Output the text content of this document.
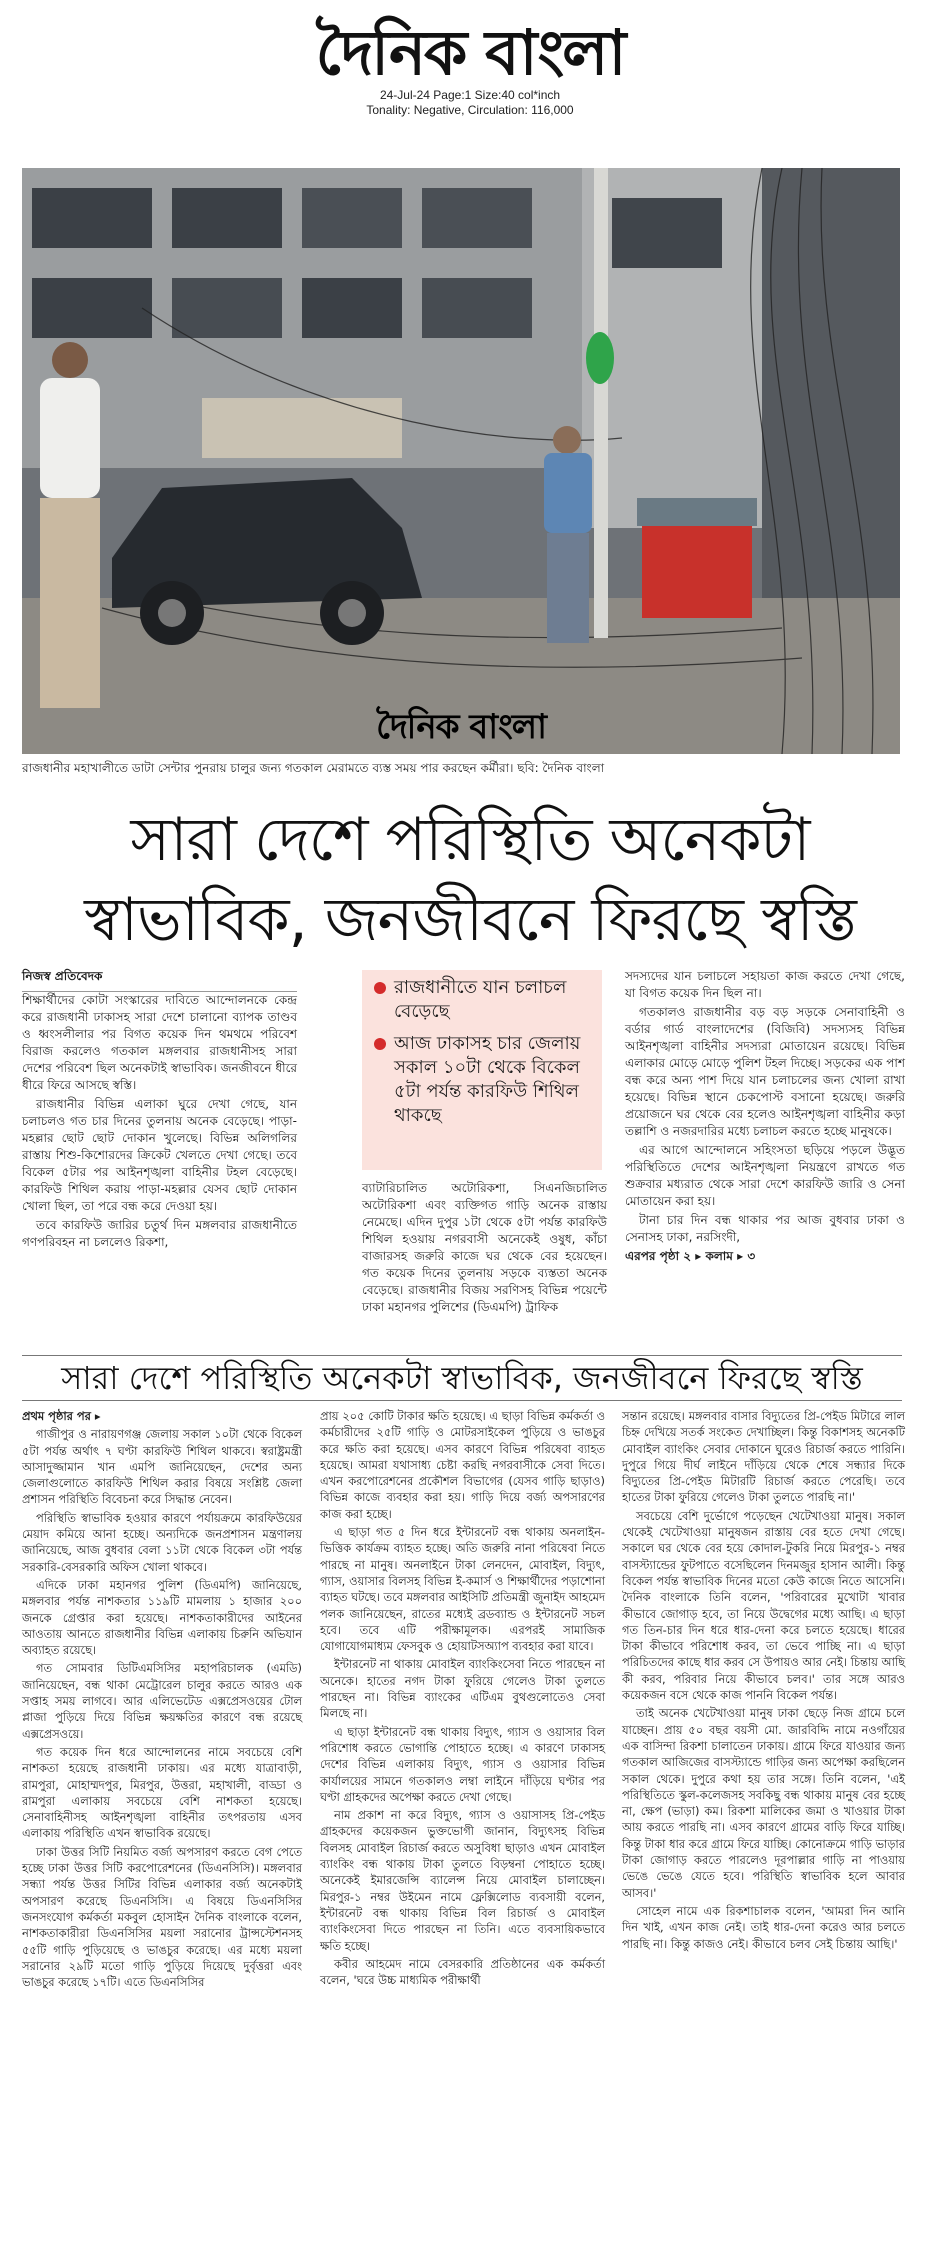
দৈনিক বাংলা
24-Jul-24 Page:1 Size:40 col*inch
Tonality: Negative, Circulation: 116,000
দৈনিক বাংলা
রাজধানীর মহাখালীতে ডাটা সেন্টার পুনরায় চালুর জন্য গতকাল মেরামতে ব্যস্ত সময় পার করছেন কর্মীরা। ছবি: দৈনিক বাংলা
সারা দেশে পরিস্থিতি অনেকটা
স্বাভাবিক, জনজীবনে ফিরছে স্বস্তি
নিজস্ব প্রতিবেদক

শিক্ষার্থীদের কোটা সংস্কারের দাবিতে আন্দোলনকে কেন্দ্র করে রাজধানী ঢাকাসহ সারা দেশে চালানো ব্যাপক তাণ্ডব ও ধ্বংসলীলার পর বিগত কয়েক দিন থমথমে পরিবেশ বিরাজ করলেও গতকাল মঙ্গলবার রাজধানীসহ সারা দেশের পরিবেশ ছিল অনেকটাই স্বাভাবিক। জনজীবনে ধীরে ধীরে ফিরে আসছে স্বস্তি।

রাজধানীর বিভিন্ন এলাকা ঘুরে দেখা গেছে, যান চলাচলও গত চার দিনের তুলনায় অনেক বেড়েছে। পাড়া-মহল্লার ছোট ছোট দোকান খুলেছে। বিভিন্ন অলিগলির রাস্তায় শিশু-কিশোরদের ক্রিকেট খেলতে দেখা গেছে। তবে বিকেল ৫টার পর আইনশৃঙ্খলা বাহিনীর টহল বেড়েছে। কারফিউ শিথিল করায় পাড়া-মহল্লার যেসব ছোট দোকান খোলা ছিল, তা পরে বন্ধ করে দেওয়া হয়।

তবে কারফিউ জারির চতুর্থ দিন মঙ্গলবার রাজধানীতে গণপরিবহন না চললেও রিকশা,

রাজধানীতে যান চলাচল বেড়েছে
আজ ঢাকাসহ চার জেলায় সকাল ১০টা থেকে বিকেল ৫টা পর্যন্ত কারফিউ শিথিল থাকছে

ব্যাটারিচালিত অটোরিকশা, সিএনজিচালিত অটোরিকশা এবং ব্যক্তিগত গাড়ি অনেক রাস্তায় নেমেছে। এদিন দুপুর ১টা থেকে ৫টা পর্যন্ত কারফিউ শিথিল হওয়ায় নগরবাসী অনেকেই ওষুধ, কাঁচা বাজারসহ জরুরি কাজে ঘর থেকে বের হয়েছেন। গত কয়েক দিনের তুলনায় সড়কে ব্যস্ততা অনেক বেড়েছে। রাজধানীর বিজয় সরণিসহ বিভিন্ন পয়েন্টে ঢাকা মহানগর পুলিশের (ডিএমপি) ট্রাফিক

সদস্যদের যান চলাচলে সহায়তা কাজ করতে দেখা গেছে, যা বিগত কয়েক দিন ছিল না।

গতকালও রাজধানীর বড় বড় সড়কে সেনাবাহিনী ও বর্ডার গার্ড বাংলাদেশের (বিজিবি) সদস্যসহ বিভিন্ন আইনশৃঙ্খলা বাহিনীর সদস্যরা মোতায়েন রয়েছে। বিভিন্ন এলাকার মোড়ে মোড়ে পুলিশ টহল দিচ্ছে। সড়কের এক পাশ বন্ধ করে অন্য পাশ দিয়ে যান চলাচলের জন্য খোলা রাখা হয়েছে। বিভিন্ন স্থানে চেকপোস্ট বসানো হয়েছে। জরুরি প্রয়োজনে ঘর থেকে বের হলেও আইনশৃঙ্খলা বাহিনীর কড়া তল্লাশি ও নজরদারির মধ্যে চলাচল করতে হচ্ছে মানুষকে।

এর আগে আন্দোলনে সহিংসতা ছড়িয়ে পড়লে উদ্ভূত পরিস্থিতিতে দেশের আইনশৃঙ্খলা নিয়ন্ত্রণে রাখতে গত শুক্রবার মধ্যরাত থেকে সারা দেশে কারফিউ জারি ও সেনা মোতায়েন করা হয়।

টানা চার দিন বন্ধ থাকার পর আজ বুধবার ঢাকা ও সেনাসহ ঢাকা, নরসিংদী,

এরপর পৃষ্ঠা ২ ▸ কলাম ▸ ৩

সারা দেশে পরিস্থিতি অনেকটা স্বাভাবিক, জনজীবনে ফিরছে স্বস্তি

প্রথম পৃষ্ঠার পর ▸

গাজীপুর ও নারায়ণগঞ্জ জেলায় সকাল ১০টা থেকে বিকেল ৫টা পর্যন্ত অর্থাৎ ৭ ঘণ্টা কারফিউ শিথিল থাকবে। স্বরাষ্ট্রমন্ত্রী আসাদুজ্জামান খান এমপি জানিয়েছেন, দেশের অন্য জেলাগুলোতে কারফিউ শিথিল করার বিষয়ে সংশ্লিষ্ট জেলা প্রশাসন পরিস্থিতি বিবেচনা করে সিদ্ধান্ত নেবেন।

পরিস্থিতি স্বাভাবিক হওয়ার কারণে পর্যায়ক্রমে কারফিউয়ের মেয়াদ কমিয়ে আনা হচ্ছে। অন্যদিকে জনপ্রশাসন মন্ত্রণালয় জানিয়েছে, আজ বুধবার বেলা ১১টা থেকে বিকেল ৩টা পর্যন্ত সরকারি-বেসরকারি অফিস খোলা থাকবে।

এদিকে ঢাকা মহানগর পুলিশ (ডিএমপি) জানিয়েছে, মঙ্গলবার পর্যন্ত নাশকতার ১১৯টি মামলায় ১ হাজার ২০০ জনকে গ্রেপ্তার করা হয়েছে। নাশকতাকারীদের আইনের আওতায় আনতে রাজধানীর বিভিন্ন এলাকায় চিরুনি অভিযান অব্যাহত রয়েছে।

গত সোমবার ডিটিএমসিসির মহাপরিচালক (এমডি) জানিয়েছেন, বন্ধ থাকা মেট্রোরেল চালুর করতে আরও এক সপ্তাহ সময় লাগবে। আর এলিভেটেড এক্সপ্রেসওয়ের টোল প্লাজা পুড়িয়ে দিয়ে বিভিন্ন ক্ষয়ক্ষতির কারণে বন্ধ রয়েছে এক্সপ্রেসওয়ে।

গত কয়েক দিন ধরে আন্দোলনের নামে সবচেয়ে বেশি নাশকতা হয়েছে রাজধানী ঢাকায়। এর মধ্যে যাত্রাবাড়ী, রামপুরা, মোহাম্মদপুর, মিরপুর, উত্তরা, মহাখালী, বাড্ডা ও রামপুরা এলাকায় সবচেয়ে বেশি নাশকতা হয়েছে। সেনাবাহিনীসহ আইনশৃঙ্খলা বাহিনীর তৎপরতায় এসব এলাকায় পরিস্থিতি এখন স্বাভাবিক রয়েছে।

ঢাকা উত্তর সিটি নিয়মিত বর্জ্য অপসারণ করতে বেগ পেতে হচ্ছে ঢাকা উত্তর সিটি করপোরেশনের (ডিএনসিসি)। মঙ্গলবার সন্ধ্যা পর্যন্ত উত্তর সিটির বিভিন্ন এলাকার বর্জ্য অনেকটাই অপসারণ করেছে ডিএনসিসি। এ বিষয়ে ডিএনসিসির জনসংযোগ কর্মকর্তা মকবুল হোসাইন দৈনিক বাংলাকে বলেন, নাশকতাকারীরা ডিএনসিসির ময়লা সরানোর ট্রান্সস্টেশনসহ ৫৫টি গাড়ি পুড়িয়েছে ও ভাঙচুর করেছে। এর মধ্যে ময়লা সরানোর ২৯টি মতো গাড়ি পুড়িয়ে দিয়েছে দুর্বৃত্তরা এবং ভাঙচুর করেছে ১৭টি। এতে ডিএনসিসির

প্রায় ২০৫ কোটি টাকার ক্ষতি হয়েছে। এ ছাড়া বিভিন্ন কর্মকর্তা ও কর্মচারীদের ২৫টি গাড়ি ও মোটরসাইকেল পুড়িয়ে ও ভাঙচুর করে ক্ষতি করা হয়েছে। এসব কারণে বিভিন্ন পরিষেবা ব্যাহত হয়েছে। আমরা যথাসাধ্য চেষ্টা করছি নগরবাসীকে সেবা দিতে। এখন করপোরেশনের প্রকৌশল বিভাগের (যেসব গাড়ি ছাড়াও) বিভিন্ন কাজে ব্যবহার করা হয়। গাড়ি দিয়ে বর্জ্য অপসারণের কাজ করা হচ্ছে।

এ ছাড়া গত ৫ দিন ধরে ইন্টারনেট বন্ধ থাকায় অনলাইন-ভিত্তিক কার্যক্রম ব্যাহত হচ্ছে। অতি জরুরি নানা পরিষেবা নিতে পারছে না মানুষ। অনলাইনে টাকা লেনদেন, মোবাইল, বিদ্যুৎ, গ্যাস, ওয়াসার বিলসহ বিভিন্ন ই-কমার্স ও শিক্ষার্থীদের পড়াশোনা ব্যাহত ঘটছে। তবে মঙ্গলবার আইসিটি প্রতিমন্ত্রী জুনাইদ আহমেদ পলক জানিয়েছেন, রাতের মধ্যেই ব্রডব্যান্ড ও ইন্টারনেট সচল হবে। তবে এটি পরীক্ষামূলক। এরপরই সামাজিক যোগাযোগমাধ্যম ফেসবুক ও হোয়াটসঅ্যাপ ব্যবহার করা যাবে।

ইন্টারনেট না থাকায় মোবাইল ব্যাংকিংসেবা নিতে পারছেন না অনেকে। হাতের নগদ টাকা ফুরিয়ে গেলেও টাকা তুলতে পারছেন না। বিভিন্ন ব্যাংকের এটিএম বুথগুলোতেও সেবা মিলছে না।

এ ছাড়া ইন্টারনেট বন্ধ থাকায় বিদ্যুৎ, গ্যাস ও ওয়াসার বিল পরিশোধ করতে ভোগান্তি পোহাতে হচ্ছে। এ কারণে ঢাকাসহ দেশের বিভিন্ন এলাকায় বিদ্যুৎ, গ্যাস ও ওয়াসার বিভিন্ন কার্যালয়ের সামনে গতকালও লম্বা লাইনে দাঁড়িয়ে ঘণ্টার পর ঘণ্টা গ্রাহকদের অপেক্ষা করতে দেখা গেছে।

নাম প্রকাশ না করে বিদ্যুৎ, গ্যাস ও ওয়াসাসহ প্রি-পেইড গ্রাহকদের কয়েকজন ভুক্তভোগী জানান, বিদ্যুৎসহ বিভিন্ন বিলসহ মোবাইল রিচার্জ করতে অসুবিধা ছাড়াও এখন মোবাইল ব্যাংকিং বন্ধ থাকায় টাকা তুলতে বিড়ম্বনা পোহাতে হচ্ছে। অনেকেই ইমারজেন্সি ব্যালেন্স নিয়ে মোবাইল চালাচ্ছেন। মিরপুর-১ নম্বর উইমেন নামে ফ্লেক্সিলোড ব্যবসায়ী বলেন, ইন্টারনেট বন্ধ থাকায় বিভিন্ন বিল রিচার্জ ও মোবাইল ব্যাংকিংসেবা দিতে পারছেন না তিনি। এতে ব্যবসায়িকভাবে ক্ষতি হচ্ছে।

কবীর আহমেদ নামে বেসরকারি প্রতিষ্ঠানের এক কর্মকর্তা বলেন, 'ঘরে উচ্চ মাধ্যমিক পরীক্ষার্থী

সন্তান রয়েছে। মঙ্গলবার বাসার বিদ্যুতের প্রি-পেইড মিটারে লাল চিহ্ন দেখিয়ে সতর্ক সংকেত দেখাচ্ছিল। কিন্তু বিকাশসহ অনেকটি মোবাইল ব্যাংকিং সেবার দোকানে ঘুরেও রিচার্জ করতে পারিনি। দুপুরে গিয়ে দীর্ঘ লাইনে দাঁড়িয়ে থেকে শেষে সন্ধ্যার দিকে বিদ্যুতের প্রি-পেইড মিটারটি রিচার্জ করতে পেরেছি। তবে হাতের টাকা ফুরিয়ে গেলেও টাকা তুলতে পারছি না।'

সবচেয়ে বেশি দুর্ভোগে পড়েছেন খেটেখাওয়া মানুষ। সকাল থেকেই খেটেখাওয়া মানুষজন রাস্তায় বের হতে দেখা গেছে। সকালে ঘর থেকে বের হয়ে কোদাল-টুকরি নিয়ে মিরপুর-১ নম্বর বাসস্ট্যান্ডের ফুটপাতে বসেছিলেন দিনমজুর হাসান আলী। কিন্তু বিকেল পর্যন্ত স্বাভাবিক দিনের মতো কেউ কাজে নিতে আসেনি। দৈনিক বাংলাকে তিনি বলেন, 'পরিবারের মুখোটা খাবার কীভাবে জোগাড় হবে, তা নিয়ে উদ্বেগের মধ্যে আছি। এ ছাড়া গত তিন-চার দিন ধরে ধার-দেনা করে চলতে হয়েছে। ধারের টাকা কীভাবে পরিশোধ করব, তা ভেবে পাচ্ছি না। এ ছাড়া পরিচিতদের কাছে ধার করব সে উপায়ও আর নেই। চিন্তায় আছি কী করব, পরিবার নিয়ে কীভাবে চলব।' তার সঙ্গে আরও কয়েকজন বসে থেকে কাজ পাননি বিকেল পর্যন্ত।

তাই অনেক খেটেখাওয়া মানুষ ঢাকা ছেড়ে নিজ গ্রামে চলে যাচ্ছেন। প্রায় ৫০ বছর বয়সী মো. জারবিদ্দি নামে নওগাঁয়ের এক বাসিন্দা রিকশা চালাতেন ঢাকায়। গ্রামে ফিরে যাওয়ার জন্য গতকাল আজিজের বাসস্ট্যান্ডে গাড়ির জন্য অপেক্ষা করছিলেন সকাল থেকে। দুপুরে কথা হয় তার সঙ্গে। তিনি বলেন, 'এই পরিস্থিতিতে স্কুল-কলেজসহ সবকিছু বন্ধ থাকায় মানুষ বের হচ্ছে না, ক্ষেপ (ভাড়া) কম। রিকশা মালিকের জমা ও খাওয়ার টাকা আয় করতে পারছি না। এসব কারণে গ্রামের বাড়ি ফিরে যাচ্ছি। কিন্তু টাকা ধার করে গ্রামে ফিরে যাচ্ছি। কোনোক্রমে গাড়ি ভাড়ার টাকা জোগাড় করতে পারলেও দূরপাল্লার গাড়ি না পাওয়ায় ভেঙে ভেঙে যেতে হবে। পরিস্থিতি স্বাভাবিক হলে আবার আসব।'

সোহেল নামে এক রিকশাচালক বলেন, 'আমরা দিন আনি দিন খাই, এখন কাজ নেই। তাই ধার-দেনা করেও আর চলতে পারছি না। কিন্তু কাজও নেই। কীভাবে চলব সেই চিন্তায় আছি।'
